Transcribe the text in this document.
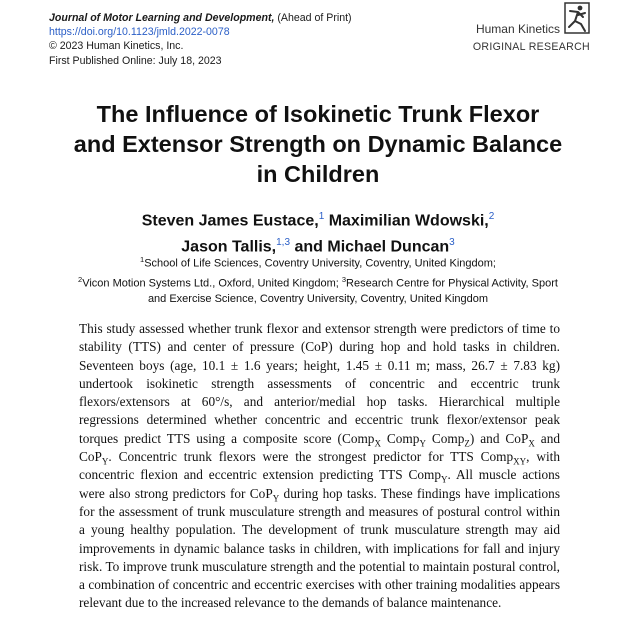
Journal of Motor Learning and Development, (Ahead of Print)
https://doi.org/10.1123/jmld.2022-0078
© 2023 Human Kinetics, Inc.
First Published Online: July 18, 2023
Human Kinetics
ORIGINAL RESEARCH
The Influence of Isokinetic Trunk Flexor
and Extensor Strength on Dynamic Balance
in Children
Steven James Eustace,$^1$ Maximilian Wdowski,$^2$
Jason Tallis,$^{1,3}$ and Michael Duncan$^3$
$^1$School of Life Sciences, Coventry University, Coventry, United Kingdom;
$^2$Vicon Motion Systems Ltd., Oxford, United Kingdom; $^3$Research Centre for Physical Activity, Sport
and Exercise Science, Coventry University, Coventry, United Kingdom

This study assessed whether trunk flexor and extensor strength were predictors of time to stability (TTS) and center of pressure (CoP) during hop and hold tasks in children. Seventeen boys (age, 10.1 ± 1.6 years; height, 1.45 ± 0.11 m; mass, 26.7 ± 7.83 kg) undertook isokinetic strength assessments of concentric and eccentric trunk flexors/extensors at 60°/s, and anterior/medial hop tasks. Hierarchical multiple regressions determined whether concentric and eccentric trunk flexor/extensor peak torques predict TTS using a composite score (Comp$_X$ Comp$_Y$ Comp$_Z$) and CoP$_X$ and CoP$_Y$. Concentric trunk flexors were the strongest predictor for TTS Comp$_{XY}$, with concentric flexion and eccentric extension predicting TTS Comp$_Y$. All muscle actions were also strong predictors for CoP$_Y$ during hop tasks. These findings have implications for the assessment of trunk musculature strength and measures of postural control within a young healthy population. The development of trunk musculature strength may aid improvements in dynamic balance tasks in children, with implications for fall and injury risk. To improve trunk musculature strength and the potential to maintain postural control, a combination of concentric and eccentric exercises with other training modalities appears relevant due to the increased relevance to the demands of balance maintenance.
